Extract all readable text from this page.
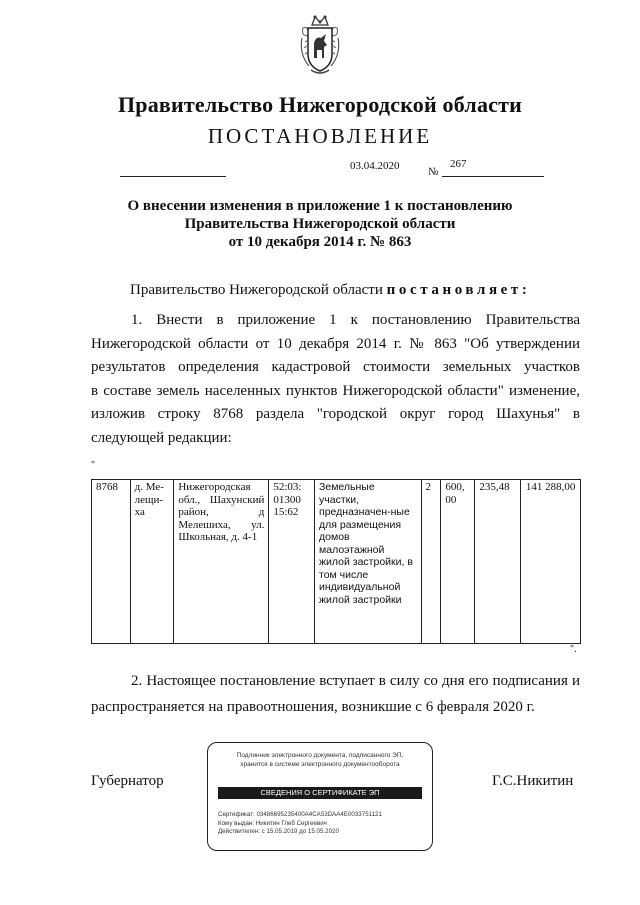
Правительство Нижегородской области
ПОСТАНОВЛЕНИЕ
03.04.2020	№
267
О внесении изменения в приложение 1 к постановлению
Правительства Нижегородской области
от 10 декабря 2014 г. № 863
Правительство Нижегородской области постановляет:
1. Внести в приложение 1 к постановлению Правительства
Нижегородской области от 10 декабря 2014 г. № 863 "Об утверждении
результатов определения кадастровой стоимости земельных участков
в составе земель населенных пунктов Нижегородской области" изменение,
изложив строку 8768 раздела "городской округ город Шахунья" в
следующей редакции:
"
8768	д. Ме-лещи-ха	Нижегородская обл., Шахунский район, д Мелешиха, ул. Школьная, д. 4-1	52:03: 01300 15:62	Земельные участки, предназначен-ные для размещения домов малоэтажной жилой застройки, в том числе индивидуальной жилой застройки	2	600, 00	235,48	141 288,00
".
2. Настоящее постановление вступает в силу со дня его подписания и
распространяется на правоотношения, возникшие с 6 февраля 2020 г.
Губернатор	Г.С.Никитин
Подлинник электронного документа, подписанного ЭП,
хранится в системе электронного документооборота
СВЕДЕНИЯ О СЕРТИФИКАТЕ ЭП
Сертификат: 03486695235400A4CA53DAA4E0033751121
Кому выдан: Никитин Глеб Сергеевич
Действителен: с 15.05.2019 до 15.05.2020
